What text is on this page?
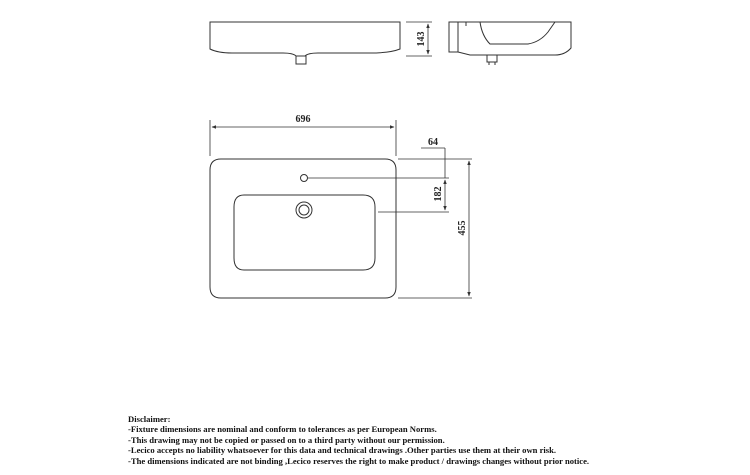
143
696
64
182
455
Disclaimer:
-Fixture dimensions are nominal and conform to tolerances as per European Norms.
-This drawing may not be copied or passed on to a third party without our permission.
-Lecico accepts no liability whatsoever for this data and technical drawings .Other parties use them at their own risk.
-The dimensions indicated are not binding ,Lecico reserves the right to make product / drawings changes without prior notice.
